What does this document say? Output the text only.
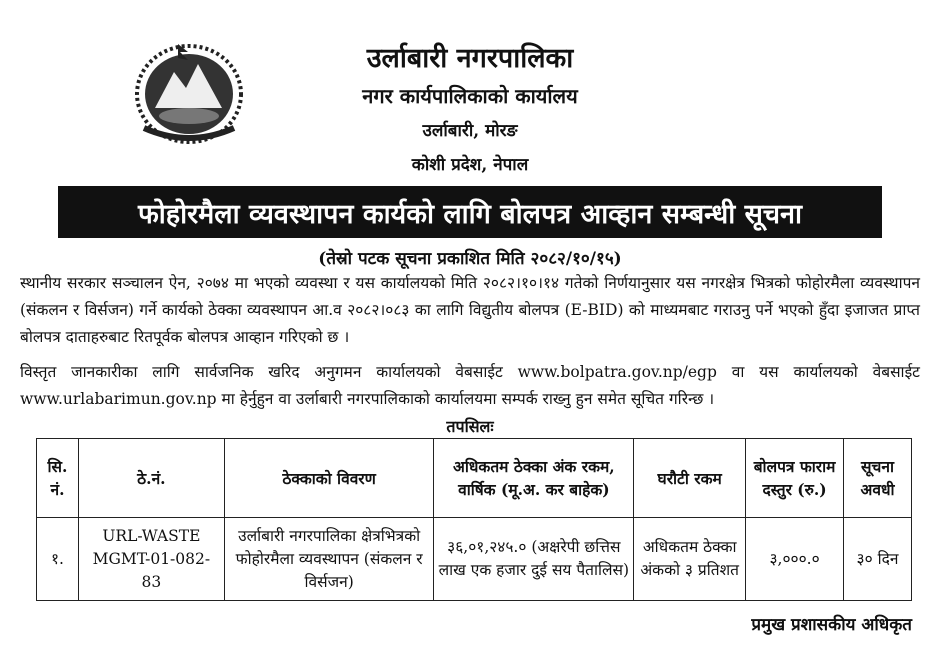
उर्लाबारी नगरपालिका
नगर कार्यपालिकाको कार्यालय
उर्लाबारी, मोरङ
कोशी प्रदेश, नेपाल
फोहोरमैला व्यवस्थापन कार्यको लागि बोलपत्र आव्हान सम्बन्धी सूचना
(तेस्रो पटक सूचना प्रकाशित मिति २०८२/१०/१५)
स्थानीय सरकार सञ्चालन ऐन, २०७४ मा भएको व्यवस्था र यस कार्यालयको मिति २०८२।१०।१४ गतेको निर्णयानुसार यस नगरक्षेत्र भित्रको फोहोरमैला व्यवस्थापन (संकलन र विर्सजन) गर्ने कार्यको ठेक्का व्यवस्थापन आ.व २०८२।०८३ का लागि विद्युतीय बोलपत्र (E-BID) को माध्यमबाट गराउनु पर्ने भएको हुँदा इजाजत प्राप्त बोलपत्र दाताहरुबाट रितपूर्वक बोलपत्र आव्हान गरिएको छ ।
विस्तृत जानकारीका लागि सार्वजनिक खरिद अनुगमन कार्यालयको वेबसाईट www.bolpatra.gov.np/egp वा यस कार्यालयको वेबसाईट www.urlabarimun.gov.np मा हेर्नुहुन वा उर्लाबारी नगरपालिकाको कार्यालयमा सम्पर्क राख्नु हुन समेत सूचित गरिन्छ ।
तपसिलः
सि. नं.	ठे.नं.	ठेक्काको विवरण	अधिकतम ठेक्का अंक रकम, वार्षिक (मू.अ. कर बाहेक)	घरौटी रकम	बोलपत्र फाराम दस्तुर (रु.)	सूचना अवधी
१.	URL-WASTE MGMT-01-082-83	उर्लाबारी नगरपालिका क्षेत्रभित्रको फोहोरमैला व्यवस्थापन (संकलन र विर्सजन)	३६,०१,२४५.० (अक्षरेपी छत्तिस लाख एक हजार दुई सय पैतालिस)	अधिकतम ठेक्का अंकको ३ प्रतिशत	३,०००.०	३० दिन
प्रमुख प्रशासकीय अधिकृत
